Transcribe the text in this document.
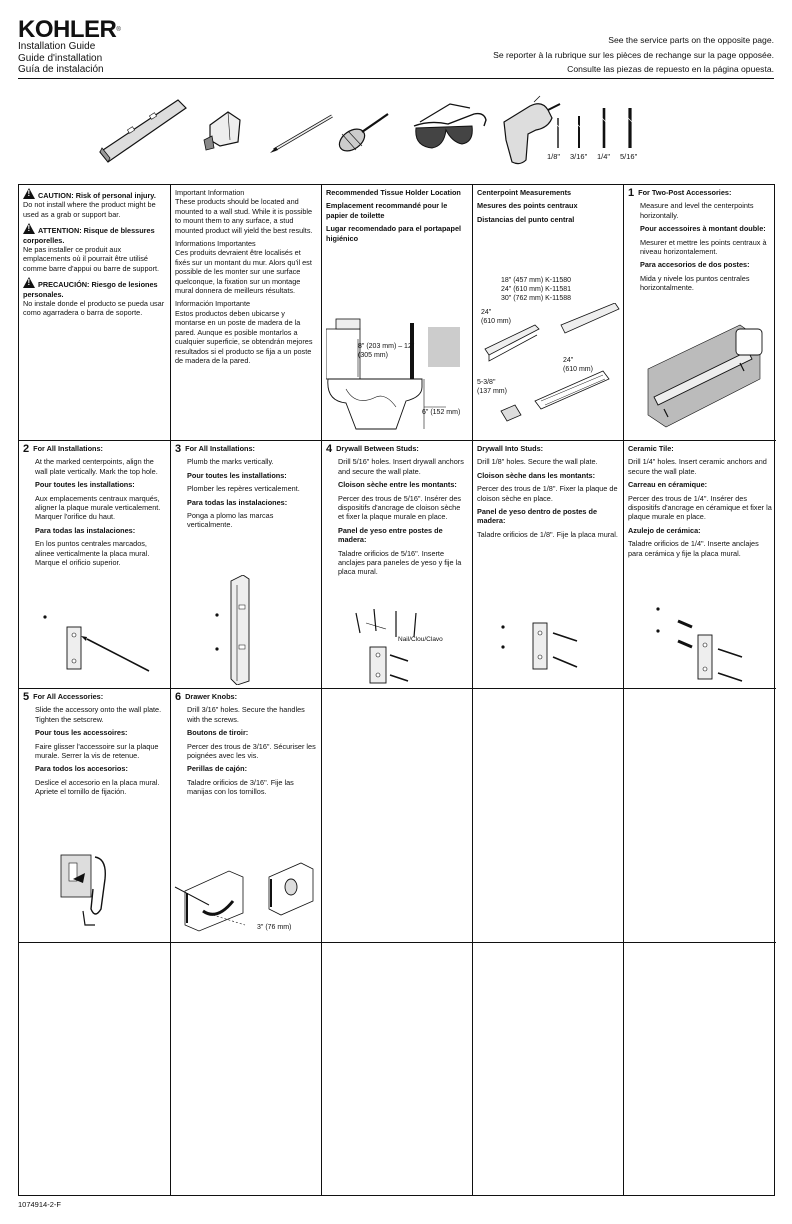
KOHLER®
Installation Guide
Guide d'installation
Guía de instalación
See the service parts on the opposite page.
Se reporter à la rubrique sur les pièces de rechange sur la page opposée.
Consulte las piezas de repuesto en la página opuesta.
1/8" 3/16" 1/4" 5/16"

!CAUTION: Risk of personal injury.
Do not install where the product might be used as a grab or support bar.

!ATTENTION: Risque de blessures corporelles.
Ne pas installer ce produit aux emplacements où il pourrait être utilisé comme barre d'appui ou barre de support.

!PRECAUCIÓN: Riesgo de lesiones personales.
No instale donde el producto se pueda usar como agarradera o barra de soporte.

Important Information
These products should be located and mounted to a wall stud. While it is possible to mount them to any surface, a stud mounted product will yield the best results.

Informations Importantes
Ces produits devraient être localisés et fixés sur un montant du mur. Alors qu'il est possible de les monter sur une surface quelconque, la fixation sur un montage mural donnera de meilleurs résultats.

Información Importante
Estos productos deben ubicarse y montarse en un poste de madera de la pared. Aunque es posible montarlos a cualquier superficie, se obtendrán mejores resultados si el producto se fija a un poste de madera de la pared.

Recommended Tissue Holder Location

Emplacement recommandé pour le papier de toilette

Lugar recomendado para el portapapel higiénico

8" (203 mm) – 12" (305 mm)
6" (152 mm)

Centerpoint Measurements

Mesures des points centraux

Distancias del punto central

18" (457 mm) K-11580
24" (610 mm) K-11581
30" (762 mm) K-11588
24"
(610 mm)
24"
(610 mm)
5-3/8"
(137 mm)
1 For Two-Post Accessories:

Measure and level the centerpoints horizontally.

Pour accessoires à montant double:

Mesurer et mettre les points centraux à niveau horizontalement.

Para accesorios de dos postes:

Mida y nivele los puntos centrales horizontalmente.

2 For All Installations:

At the marked centerpoints, align the wall plate vertically. Mark the top hole.

Pour toutes les installations:

Aux emplacements centraux marqués, aligner la plaque murale verticalement. Marquer l'orifice du haut.

Para todas las instalaciones:

En los puntos centrales marcados, alinee verticalmente la placa mural. Marque el orificio superior.

3 For All Installations:

Plumb the marks vertically.

Pour toutes les installations:

Plomber les repères verticalement.

Para todas las instalaciones:

Ponga a plomo las marcas verticalmente.

4 Drywall Between Studs:

Drill 5/16" holes. Insert drywall anchors and secure the wall plate.

Cloison sèche entre les montants:

Percer des trous de 5/16". Insérer des dispositifs d'ancrage de cloison sèche et fixer la plaque murale en place.

Panel de yeso entre postes de madera:

Taladre orificios de 5/16". Inserte anclajes para paneles de yeso y fije la placa mural.

Nail/Clou/Clavo

Drywall Into Studs:

Drill 1/8" holes. Secure the wall plate.

Cloison sèche dans les montants:

Percer des trous de 1/8". Fixer la plaque de cloison sèche en place.

Panel de yeso dentro de postes de madera:

Taladre orificios de 1/8". Fije la placa mural.

Ceramic Tile:

Drill 1/4" holes. Insert ceramic anchors and secure the wall plate.

Carreau en céramique:

Percer des trous de 1/4". Insérer des dispositifs d'ancrage en céramique et fixer la plaque murale en place.

Azulejo de cerámica:

Taladre orificios de 1/4". Inserte anclajes para cerámica y fije la placa mural.

5 For All Accessories:

Slide the accessory onto the wall plate. Tighten the setscrew.

Pour tous les accessoires:

Faire glisser l'accessoire sur la plaque murale. Serrer la vis de retenue.

Para todos los accesorios:

Deslice el accesorio en la placa mural. Apriete el tornillo de fijación.

6 Drawer Knobs:

Drill 3/16" holes. Secure the handles with the screws.

Boutons de tiroir:

Percer des trous de 3/16". Sécuriser les poignées avec les vis.

Perillas de cajón:

Taladre orificios de 3/16". Fije las manijas con los tornillos.

3" (76 mm)
1074914-2-F
